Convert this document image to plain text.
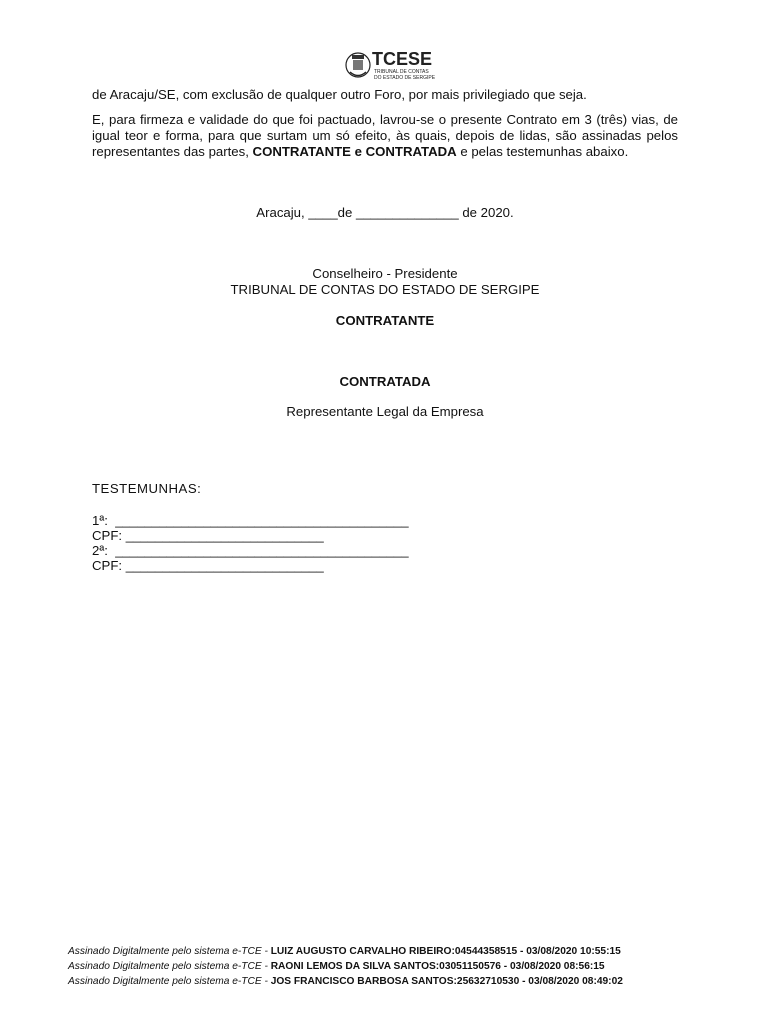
TCESE
TRIBUNAL DE CONTAS
DO ESTADO DE SERGIPE
de Aracaju/SE, com exclusão de qualquer outro Foro, por mais privilegiado que seja.
E, para firmeza e validade do que foi pactuado, lavrou-se o presente Contrato em 3 (três) vias, de igual teor e forma, para que surtam um só efeito, às quais, depois de lidas, são assinadas pelos representantes das partes, CONTRATANTE e CONTRATADA e pelas testemunhas abaixo.
Aracaju, ____de ______________ de 2020.
Conselheiro - Presidente
TRIBUNAL DE CONTAS DO ESTADO DE SERGIPE
CONTRATANTE
CONTRATADA
Representante Legal da Empresa
TESTEMUNHAS:
1ª:  ________________________________________
CPF: ___________________________
2ª:  ________________________________________
CPF: ___________________________
Assinado Digitalmente pelo sistema e-TCE - LUIZ AUGUSTO CARVALHO RIBEIRO:04544358515 - 03/08/2020 10:55:15
Assinado Digitalmente pelo sistema e-TCE - RAONI LEMOS DA SILVA SANTOS:03051150576 - 03/08/2020 08:56:15
Assinado Digitalmente pelo sistema e-TCE - JOS FRANCISCO BARBOSA SANTOS:25632710530 - 03/08/2020 08:49:02
